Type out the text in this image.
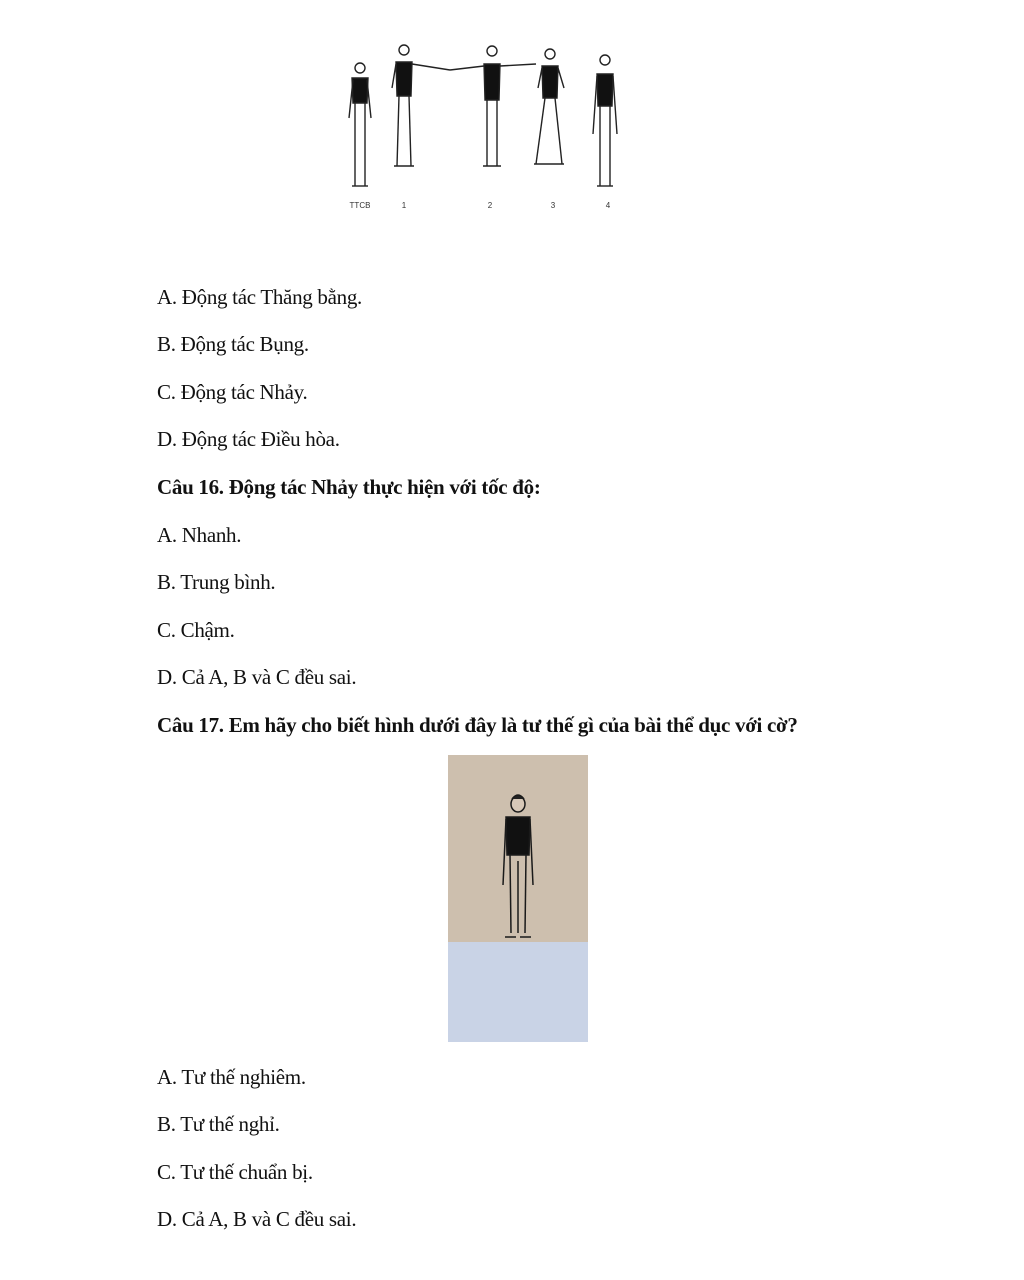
TTCB	1	2	3	4
A. Động tác Thăng bằng.
B. Động tác Bụng.
C. Động tác Nhảy.
D. Động tác Điều hòa.
Câu 16. Động tác Nhảy thực hiện với tốc độ:
A. Nhanh.
B. Trung bình.
C. Chậm.
D. Cả A, B và C đều sai.
Câu 17. Em hãy cho biết hình dưới đây là tư thế gì của bài thể dục với cờ?
A. Tư thế nghiêm.
B. Tư thế nghỉ.
C. Tư thế chuẩn bị.
D. Cả A, B và C đều sai.
